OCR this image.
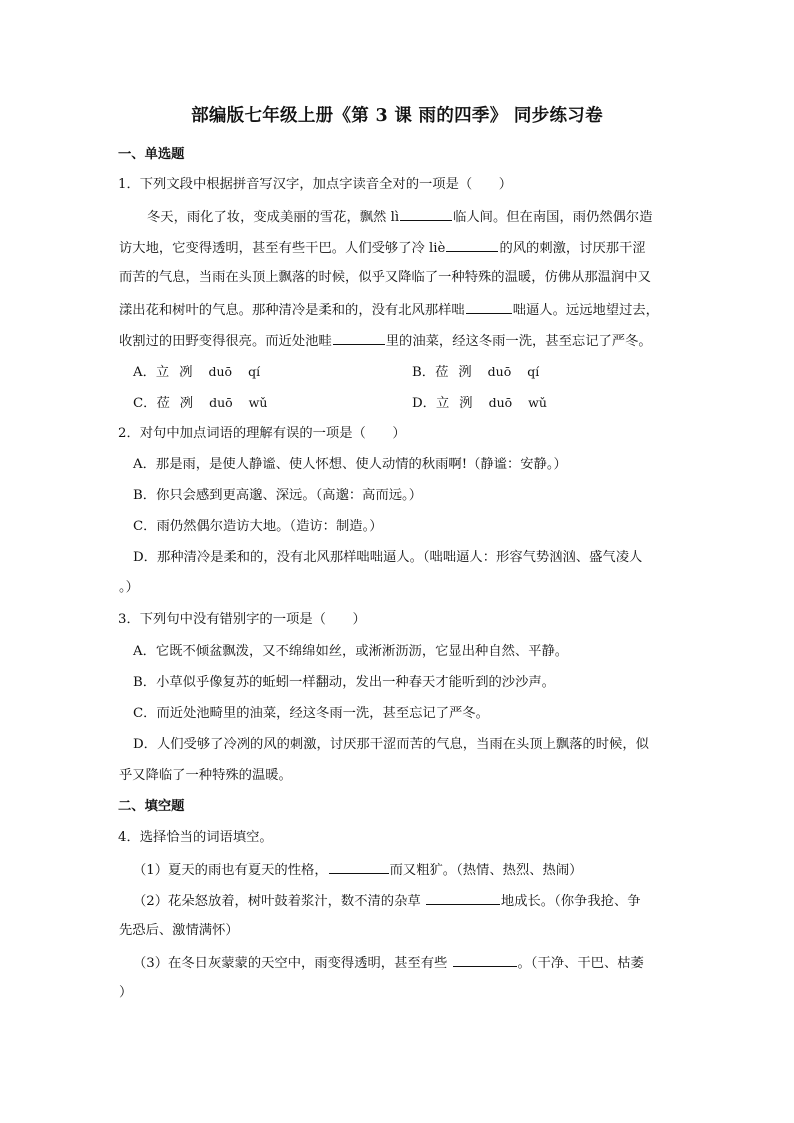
部编版七年级上册《第 3 课 雨的四季》 同步练习卷
一、单选题
1．下列文段中根据拼音写汉字，加点字读音全对的一项是（　　）
冬天，雨化了妆，变成美丽的雪花，飘然 lì	临人间。但在南国，雨仍然偶尔造
访大地，它变得透明，甚至有些干巴。人们受够了冷 liè	的风的刺激，讨厌那干涩
而苦的气息，当雨在头顶上飘落的时候，似乎又降临了一种特殊的温暖，仿佛从那温润中又
漾出花和树叶的气息。那种清冷是柔和的，没有北风那样咄	咄逼人。远远地望过去，
收割过的田野变得很亮。而近处池畦	里的油菜，经这冬雨一洗，甚至忘记了严冬。
A．立 冽 duō qí	B．莅 洌 duō qí
C．莅 冽 duō wǔ	D．立 洌 duō wǔ
2．对句中加点词语的理解有误的一项是（　　）
A．那是雨，是使人静谧、使人怀想、使人动情的秋雨啊!（静谧：安静。）
B．你只会感到更高邈、深远。（高邈：高而远。）
C．雨仍然偶尔造访大地。（造访：制造。）
D．那种清冷是柔和的，没有北风那样咄咄逼人。（咄咄逼人：形容气势汹汹、盛气凌人
。）
3．下列句中没有错别字的一项是（　　）
A．它既不倾盆飘泼，又不绵绵如丝，或淅淅沥沥，它显出种自然、平静。
B．小草似乎像复苏的蚯蚓一样翻动，发出一种春天才能听到的沙沙声。
C．而近处池畸里的油菜，经这冬雨一洗，甚至忘记了严冬。
D．人们受够了冷冽的风的刺激，讨厌那干涩而苦的气息，当雨在头顶上飘落的时候，似
乎又降临了一种特殊的温暖。
二、填空题
4．选择恰当的词语填空。
（1）夏天的雨也有夏天的性格，	而又粗犷。（热情、热烈、热闹）
（2）花朵怒放着，树叶鼓着浆汁，数不清的杂草	地成长。（你争我抢、争
先恐后、激情满怀）
（3）在冬日灰蒙蒙的天空中，雨变得透明，甚至有些	。（干净、干巴、枯萎
）
